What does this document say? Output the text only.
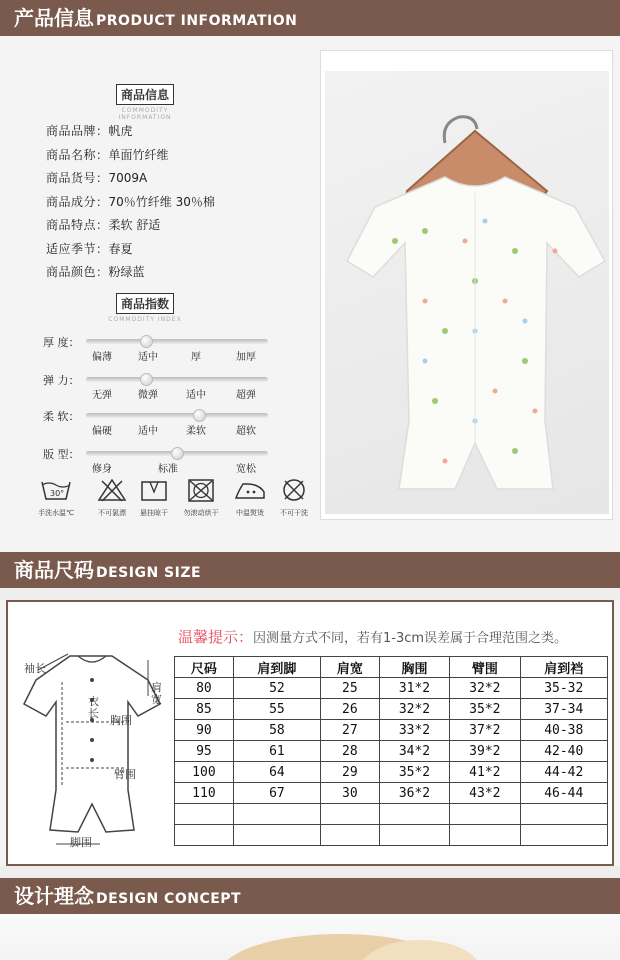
产品信息 PRODUCT INFORMATION
商品信息
COMMODITY INFORMATION
商品品牌：帆虎
商品名称：单面竹纤维
商品货号：7009A
商品成分：70％竹纤维 30％棉
商品特点：柔软 舒适
适应季节：春夏
商品颜色：粉绿蓝
商品指数
COMMODITY INDEX
厚 度：
偏薄	适中	厚	加厚
弹 力：
无弹	微弹	适中	超弹
柔 软：
偏硬	适中	柔软	超软
版 型：
修身	标准	宽松
30°
手洗水温℃	不可氯漂	悬挂晾干	勿滚动烘干	中温熨烫	不可干洗
商品尺码 DESIGN SIZE
袖长
衣长
胸围
肩宽
臂围
脚围
温馨提示：因测量方式不同，若有1-3cm误差属于合理范围之类。
尺码	肩到脚	肩宽	胸围	臂围	肩到裆
80	52	25	31*2	32*2	35-32
85	55	26	32*2	35*2	37-34
90	58	27	33*2	37*2	40-38
95	61	28	34*2	39*2	42-40
100	64	29	35*2	41*2	44-42
110	67	30	36*2	43*2	46-44

设计理念 DESIGN CONCEPT
